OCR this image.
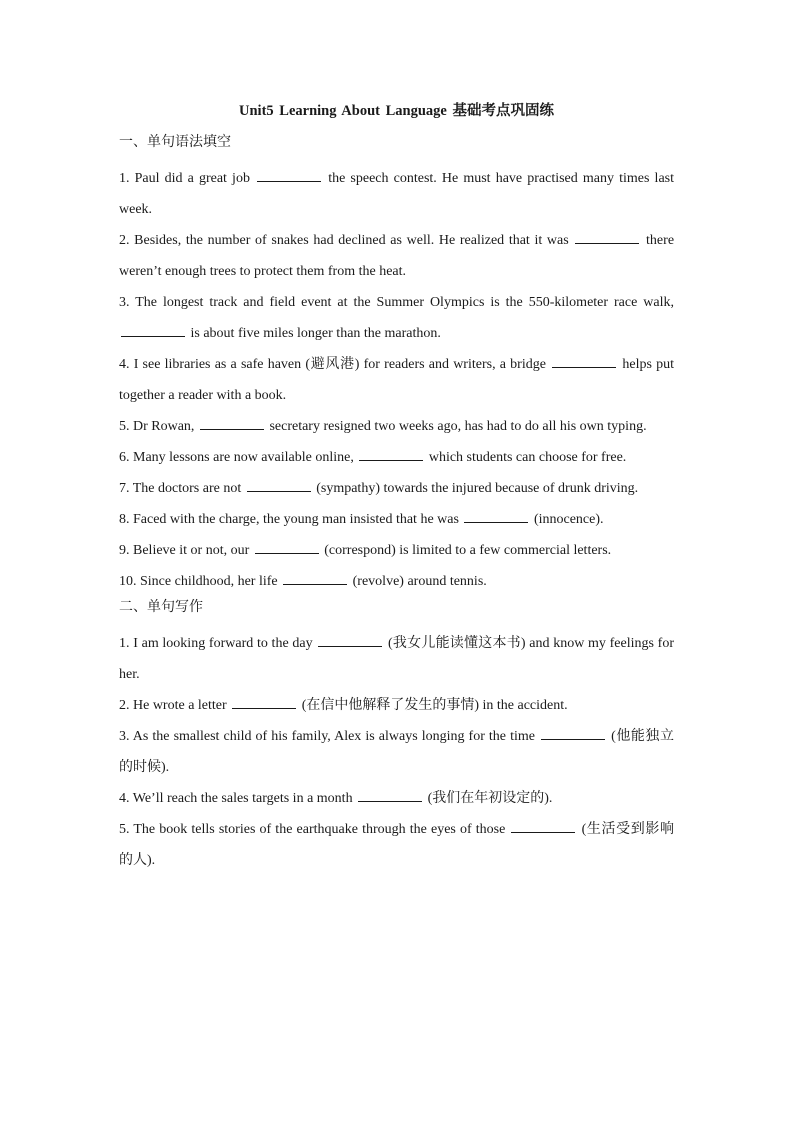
Unit5 Learning About Language 基础考点巩固练
一、单句语法填空

1. Paul did a great job	the speech contest. He must have practised many times last week.

2. Besides, the number of snakes had declined as well. He realized that it was	there weren’t enough trees to protect them from the heat.

3. The longest track and field event at the Summer Olympics is the 550-kilometer race walk,  is about five miles longer than the marathon.

4. I see libraries as a safe haven (避风港) for readers and writers, a bridge	helps put together a reader with a book.

5. Dr Rowan,	secretary resigned two weeks ago, has had to do all his own typing.

6. Many lessons are now available online,	which students can choose for free.

7. The doctors are not	(sympathy) towards the injured because of drunk driving.

8. Faced with the charge, the young man insisted that he was	(innocence).

9. Believe it or not, our	(correspond) is limited to a few commercial letters.

10. Since childhood, her life	(revolve) around tennis.

二、单句写作

1. I am looking forward to the day	(我女儿能读懂这本书) and know my feelings for her.

2. He wrote a letter	(在信中他解释了发生的事情) in the accident.

3. As the smallest child of his family, Alex is always longing for the time	(他能独立的时候).

4. We’ll reach the sales targets in a month	(我们在年初设定的).

5. The book tells stories of the earthquake through the eyes of those	(生活受到影响的人).
